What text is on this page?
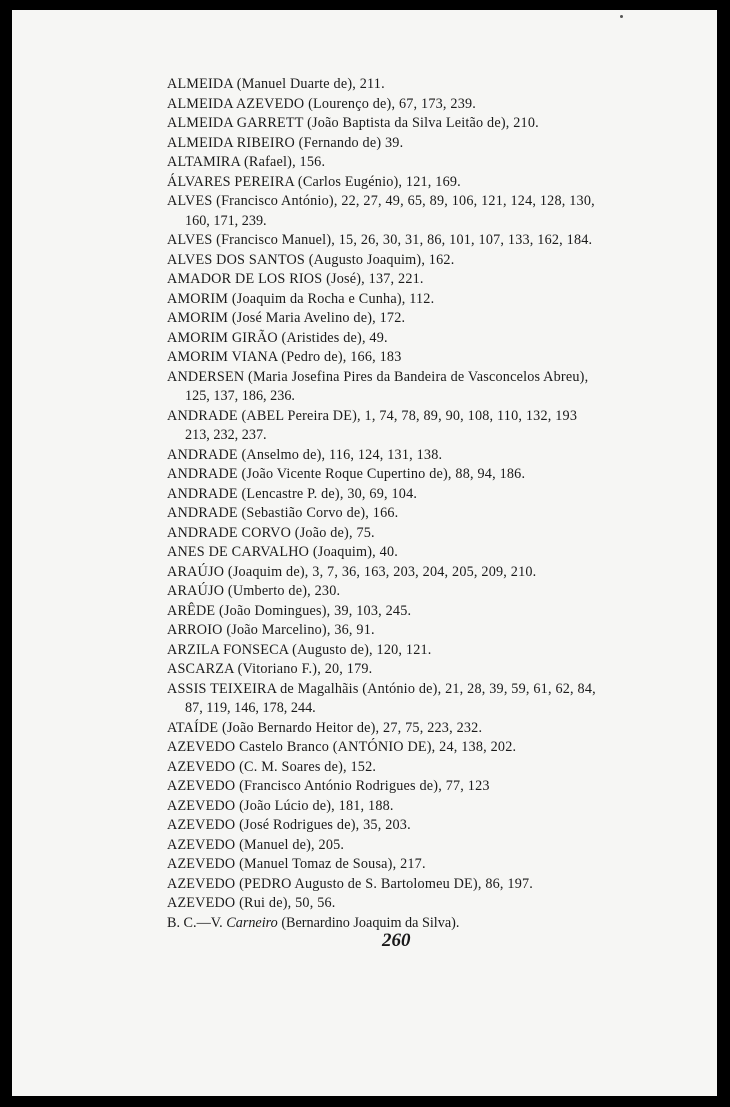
ALMEIDA (Manuel Duarte de), 211.

ALMEIDA AZEVEDO (Lourenço de), 67, 173, 239.

ALMEIDA GARRETT (João Baptista da Silva Leitão de), 210.

ALMEIDA RIBEIRO (Fernando de) 39.

ALTAMIRA (Rafael), 156.

ÁLVARES PEREIRA (Carlos Eugénio), 121, 169.

ALVES (Francisco António), 22, 27, 49, 65, 89, 106, 121, 124, 128, 130,
160, 171, 239.

ALVES (Francisco Manuel), 15, 26, 30, 31, 86, 101, 107, 133, 162, 184.

ALVES DOS SANTOS (Augusto Joaquim), 162.

AMADOR DE LOS RIOS (José), 137, 221.

AMORIM (Joaquim da Rocha e Cunha), 112.

AMORIM (José Maria Avelino de), 172.

AMORIM GIRÃO (Aristides de), 49.

AMORIM VIANA (Pedro de), 166, 183

ANDERSEN (Maria Josefina Pires da Bandeira de Vasconcelos Abreu),
125, 137, 186, 236.

ANDRADE (ABEL Pereira DE), 1, 74, 78, 89, 90, 108, 110, 132, 193
213, 232, 237.

ANDRADE (Anselmo de), 116, 124, 131, 138.

ANDRADE (João Vicente Roque Cupertino de), 88, 94, 186.

ANDRADE (Lencastre P. de), 30, 69, 104.

ANDRADE (Sebastião Corvo de), 166.

ANDRADE CORVO (João de), 75.

ANES DE CARVALHO (Joaquim), 40.

ARAÚJO (Joaquim de), 3, 7, 36, 163, 203, 204, 205, 209, 210.

ARAÚJO (Umberto de), 230.

ARÊDE (João Domingues), 39, 103, 245.

ARROIO (João Marcelino), 36, 91.

ARZILA FONSECA (Augusto de), 120, 121.

ASCARZA (Vitoriano F.), 20, 179.

ASSIS TEIXEIRA de Magalhãis (António de), 21, 28, 39, 59, 61, 62, 84,
87, 119, 146, 178, 244.

ATAÍDE (João Bernardo Heitor de), 27, 75, 223, 232.

AZEVEDO Castelo Branco (ANTÓNIO DE), 24, 138, 202.

AZEVEDO (C. M. Soares de), 152.

AZEVEDO (Francisco António Rodrigues de), 77, 123

AZEVEDO (João Lúcio de), 181, 188.

AZEVEDO (José Rodrigues de), 35, 203.

AZEVEDO (Manuel de), 205.

AZEVEDO (Manuel Tomaz de Sousa), 217.

AZEVEDO (PEDRO Augusto de S. Bartolomeu DE), 86, 197.

AZEVEDO (Rui de), 50, 56.

B. C.—V. Carneiro (Bernardino Joaquim da Silva).

260
